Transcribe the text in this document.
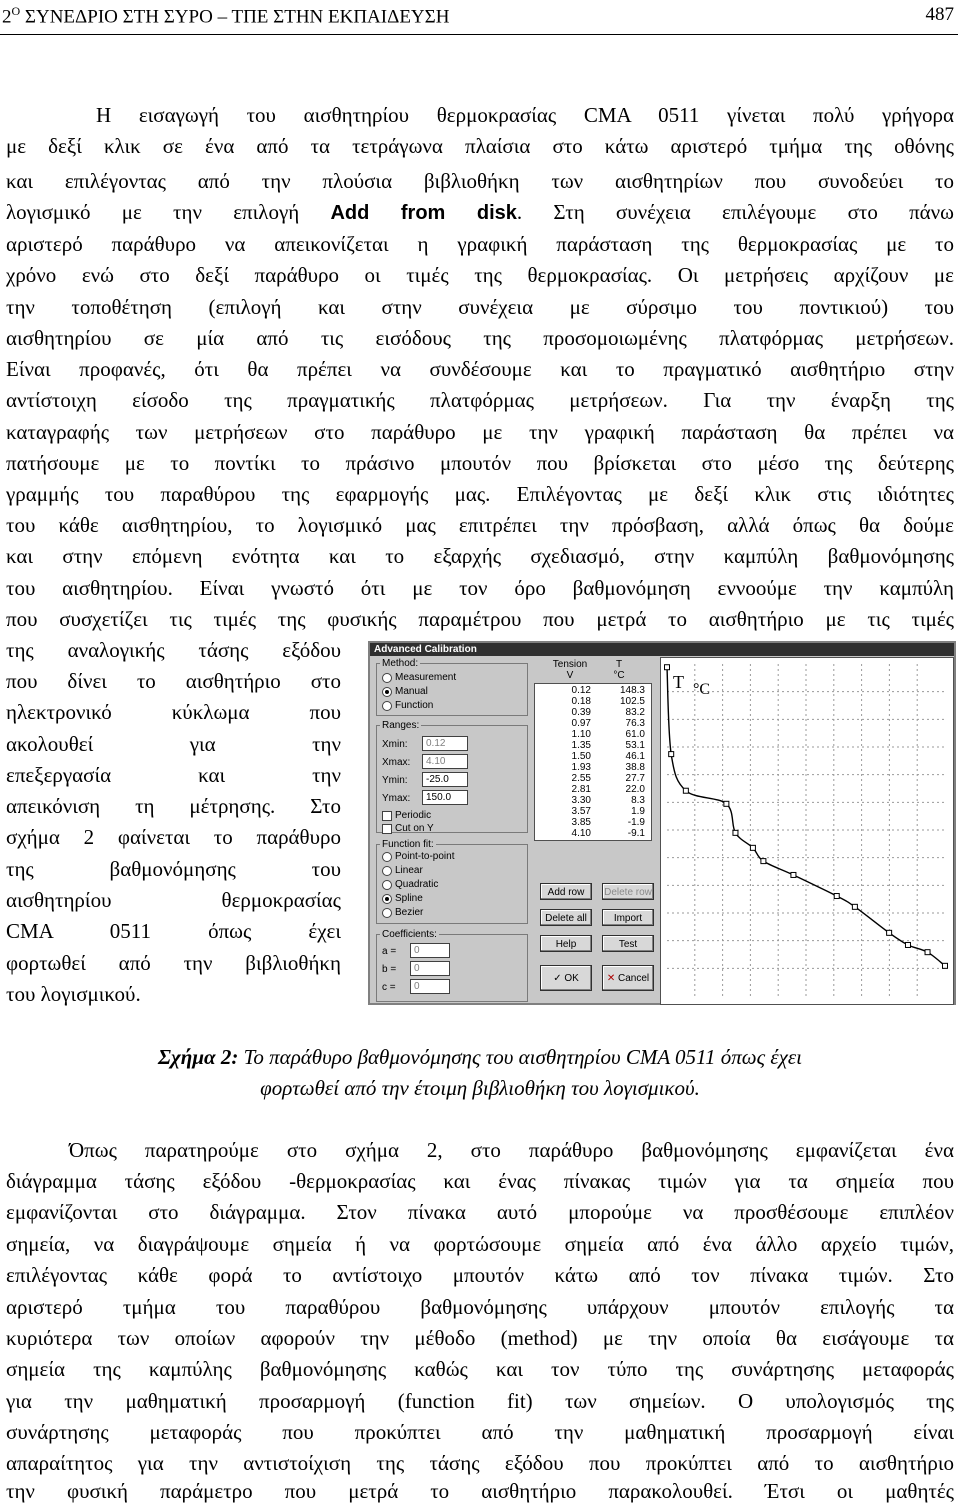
$2^O$ ΣΥΝΕΔΡΙΟ ΣΤΗ ΣΥΡΟ – ΤΠΕ ΣΤΗΝ ΕΚΠΑΙΔΕΥΣΗ	487
Η εισαγωγή του αισθητηρίου θερμοκρασίας CMA 0511 γίνεται πολύ γρήγορα
με δεξί κλικ σε ένα από τα τετράγωνα πλαίσια στο κάτω αριστερό τμήμα της οθόνης
και επιλέγοντας από την πλούσια βιβλιοθήκη των αισθητηρίων που συνοδεύει το
λογισμικό με την επιλογή Add from disk. Στη συνέχεια επιλέγουμε στο πάνω
αριστερό παράθυρο να απεικονίζεται η γραφική παράσταση της θερμοκρασίας με το
χρόνο ενώ στο δεξί παράθυρο οι τιμές της θερμοκρασίας. Οι μετρήσεις αρχίζουν με
την τοποθέτηση (επιλογή και στην συνέχεια με σύρσιμο του ποντικιού) του
αισθητηρίου σε μία από τις εισόδους της προσομοιωμένης πλατφόρμας μετρήσεων.
Είναι προφανές, ότι θα πρέπει να συνδέσουμε και το πραγματικό αισθητήριο στην
αντίστοιχη είσοδο της πραγματικής πλατφόρμας μετρήσεων. Για την έναρξη της
καταγραφής των μετρήσεων στο παράθυρο με την γραφική παράσταση θα πρέπει να
πατήσουμε με το ποντίκι το πράσινο μπουτόν που βρίσκεται στο μέσο της δεύτερης
γραμμής του παραθύρου της εφαρμογής μας. Επιλέγοντας με δεξί κλικ στις ιδιότητες
του κάθε αισθητηρίου, το λογισμικό μας επιτρέπει την πρόσβαση, αλλά όπως θα δούμε
και στην επόμενη ενότητα και το εξαρχής σχεδιασμό, στην καμπύλη βαθμονόμησης
του αισθητηρίου. Είναι γνωστό ότι με τον όρο βαθμονόμηση εννοούμε την καμπύλη
που συσχετίζει τις τιμές της φυσικής παραμέτρου που μετρά το αισθητήριο με τις τιμές
της αναλογικής τάσης εξόδου
που δίνει το αισθητήριο στο
ηλεκτρονικό κύκλωμα που
ακολουθεί για την
επεξεργασία και την
απεικόνιση τη μέτρησης. Στο
σχήμα 2 φαίνεται το παράθυρο
της βαθμονόμησης του
αισθητηρίου θερμοκρασίας
CMA 0511 όπως έχει
φορτωθεί από την βιβλιοθήκη
του λογισμικού.
Advanced Calibration
Method:
Measurement
Manual
Function
Ranges:
Xmin:	0.12
Xmax:	4.10
Ymin:	-25.0
Ymax:	150.0
Periodic
Cut on Y
Function fit:
Point-to-point
Linear
Quadratic
Spline
Bezier
Coefficients:
a =	0
b =	0
c =	0
Tension
V
T
°C
0.12	148.3
0.18	102.5
0.39	83.2
0.97	76.3
1.10	61.0
1.35	53.1
1.50	46.1
1.93	38.8
2.55	27.7
2.81	22.0
3.30	8.3
3.57	1.9
3.85	-1.9
4.10	-9.1
Add row	Delete row
Delete all	Import
Help	Test
✓ OK	✕ Cancel
T °C
Σχήμα 2: Το παράθυρο βαθμονόμησης του αισθητηρίου CMA 0511 όπως έχει
φορτωθεί από την έτοιμη βιβλιοθήκη του λογισμικού.
Όπως παρατηρούμε στο σχήμα 2, στο παράθυρο βαθμονόμησης εμφανίζεται ένα
διάγραμμα τάσης εξόδου -θερμοκρασίας και ένας πίνακας τιμών για τα σημεία που
εμφανίζονται στο διάγραμμα. Στον πίνακα αυτό μπορούμε να προσθέσουμε επιπλέον
σημεία, να διαγράψουμε σημεία ή να φορτώσουμε σημεία από ένα άλλο αρχείο τιμών,
επιλέγοντας κάθε φορά το αντίστοιχο μπουτόν κάτω από τον πίνακα τιμών. Στο
αριστερό τμήμα του παραθύρου βαθμονόμησης υπάρχουν μπουτόν επιλογής τα
κυριότερα των οποίων αφορούν την μέθοδο (method) με την οποία θα εισάγουμε τα
σημεία της καμπύλης βαθμονόμησης καθώς και τον τύπο της συνάρτησης μεταφοράς
για την μαθηματική προσαρμογή (function fit) των σημείων. Ο υπολογισμός της
συνάρτησης μεταφοράς που προκύπτει από την μαθηματική προσαρμογή είναι
απαραίτητος για την αντιστοίχιση της τάσης εξόδου που προκύπτει από το αισθητήριο
την φυσική παράμετρο που μετρά το αισθητήριο παρακολουθεί. Έτσι οι μαθητές
